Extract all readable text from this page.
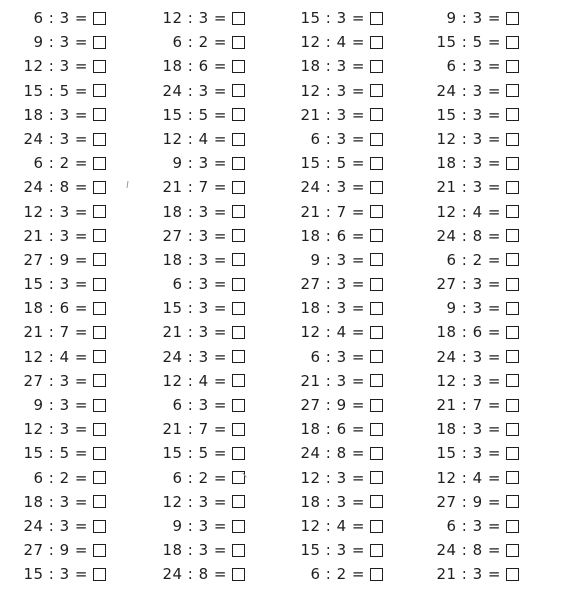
6 : 3 =
9 : 3 =
12 : 3 =
15 : 5 =
18 : 3 =
24 : 3 =
6 : 2 =
24 : 8 =
12 : 3 =
21 : 3 =
27 : 9 =
15 : 3 =
18 : 6 =
21 : 7 =
12 : 4 =
27 : 3 =
9 : 3 =
12 : 3 =
15 : 5 =
6 : 2 =
18 : 3 =
24 : 3 =
27 : 9 =
15 : 3 =
12 : 3 =
6 : 2 =
18 : 6 =
24 : 3 =
15 : 5 =
12 : 4 =
9 : 3 =
21 : 7 =
18 : 3 =
27 : 3 =
18 : 3 =
6 : 3 =
15 : 3 =
21 : 3 =
24 : 3 =
12 : 4 =
6 : 3 =
21 : 7 =
15 : 5 =
6 : 2 =
12 : 3 =
9 : 3 =
18 : 3 =
24 : 8 =
15 : 3 =
12 : 4 =
18 : 3 =
12 : 3 =
21 : 3 =
6 : 3 =
15 : 5 =
24 : 3 =
21 : 7 =
18 : 6 =
9 : 3 =
27 : 3 =
18 : 3 =
12 : 4 =
6 : 3 =
21 : 3 =
27 : 9 =
18 : 6 =
24 : 8 =
12 : 3 =
18 : 3 =
12 : 4 =
15 : 3 =
6 : 2 =
9 : 3 =
15 : 5 =
6 : 3 =
24 : 3 =
15 : 3 =
12 : 3 =
18 : 3 =
21 : 3 =
12 : 4 =
24 : 8 =
6 : 2 =
27 : 3 =
9 : 3 =
18 : 6 =
24 : 3 =
12 : 3 =
21 : 7 =
18 : 3 =
15 : 3 =
12 : 4 =
27 : 9 =
6 : 3 =
24 : 8 =
21 : 3 =
